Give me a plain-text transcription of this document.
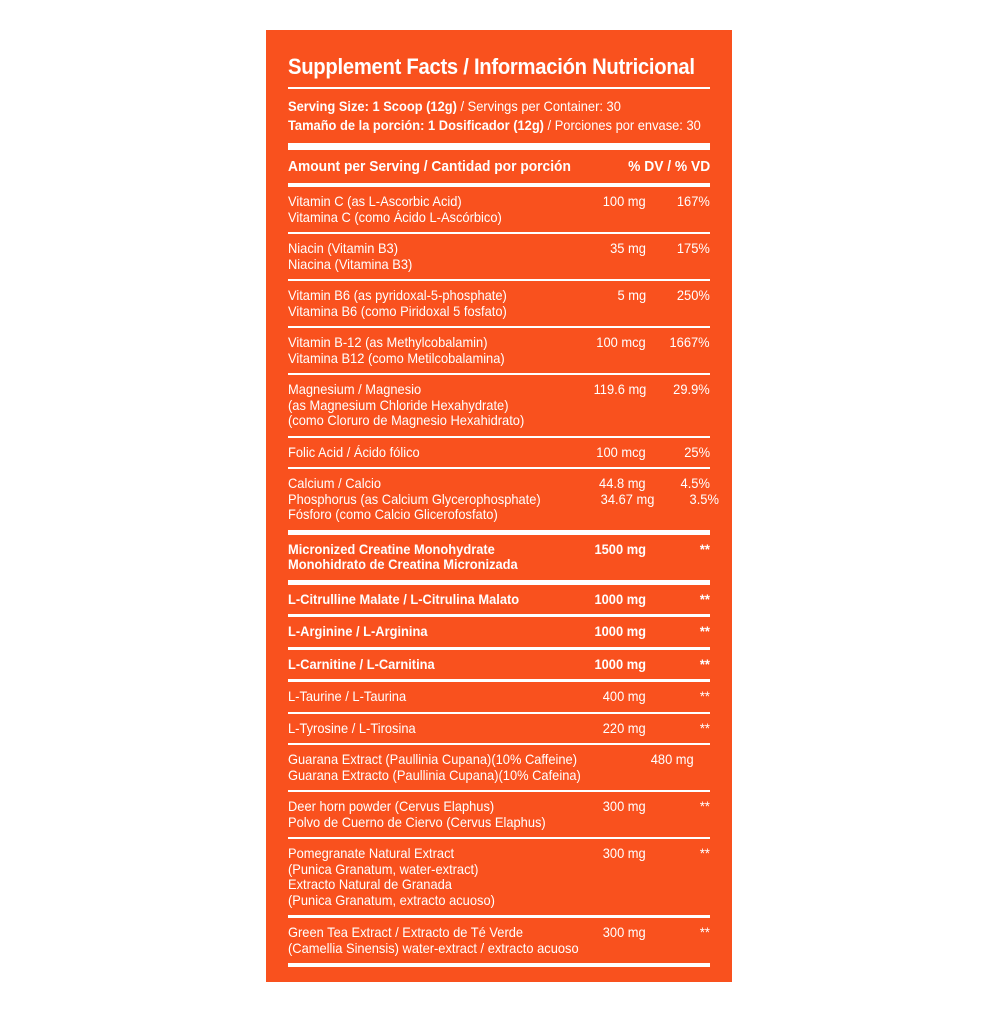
Supplement Facts / Información Nutricional
Serving Size: 1 Scoop (12g) / Servings per Container: 30
Tamaño de la porción: 1 Dosificador (12g) / Porciones por envase: 30
Amount per Serving / Cantidad por porción	% DV / % VD
Vitamin C (as L-Ascorbic Acid)	100 mg	167%
Vitamina C (como Ácido L-Ascórbico)
Niacin (Vitamin B3)	35 mg	175%
Niacina (Vitamina B3)
Vitamin B6 (as pyridoxal-5-phosphate)	5 mg	250%
Vitamina B6 (como Piridoxal 5 fosfato)
Vitamin B-12 (as Methylcobalamin)	100 mcg	1667%
Vitamina B12 (como Metilcobalamina)
Magnesium / Magnesio	119.6 mg	29.9%
(as Magnesium Chloride Hexahydrate)
(como Cloruro de Magnesio Hexahidrato)
Folic Acid / Ácido fólico	100 mcg	25%
Calcium / Calcio	44.8 mg	4.5%
Phosphorus (as Calcium Glycerophosphate)	34.67 mg	3.5%
Fósforo (como Calcio Glicerofosfato)
Micronized Creatine Monohydrate	1500 mg	**
Monohidrato de Creatina Micronizada
L-Citrulline Malate / L-Citrulina Malato	1000 mg	**
L-Arginine / L-Arginina	1000 mg	**
L-Carnitine / L-Carnitina	1000 mg	**
L-Taurine / L-Taurina	400 mg	**
L-Tyrosine / L-Tirosina	220 mg	**
Guarana Extract (Paullinia Cupana)(10% Caffeine)	480 mg	**
Guarana Extracto (Paullinia Cupana)(10% Cafeina)
Deer horn powder (Cervus Elaphus)	300 mg	**
Polvo de Cuerno de Ciervo (Cervus Elaphus)
Pomegranate Natural Extract	300 mg	**
(Punica Granatum, water-extract)
Extracto Natural de Granada
(Punica Granatum, extracto acuoso)
Green Tea Extract / Extracto de Té Verde	300 mg	**
(Camellia Sinensis) water-extract / extracto acuoso

**Valor diario no establecido. / ** Daily value not established.
